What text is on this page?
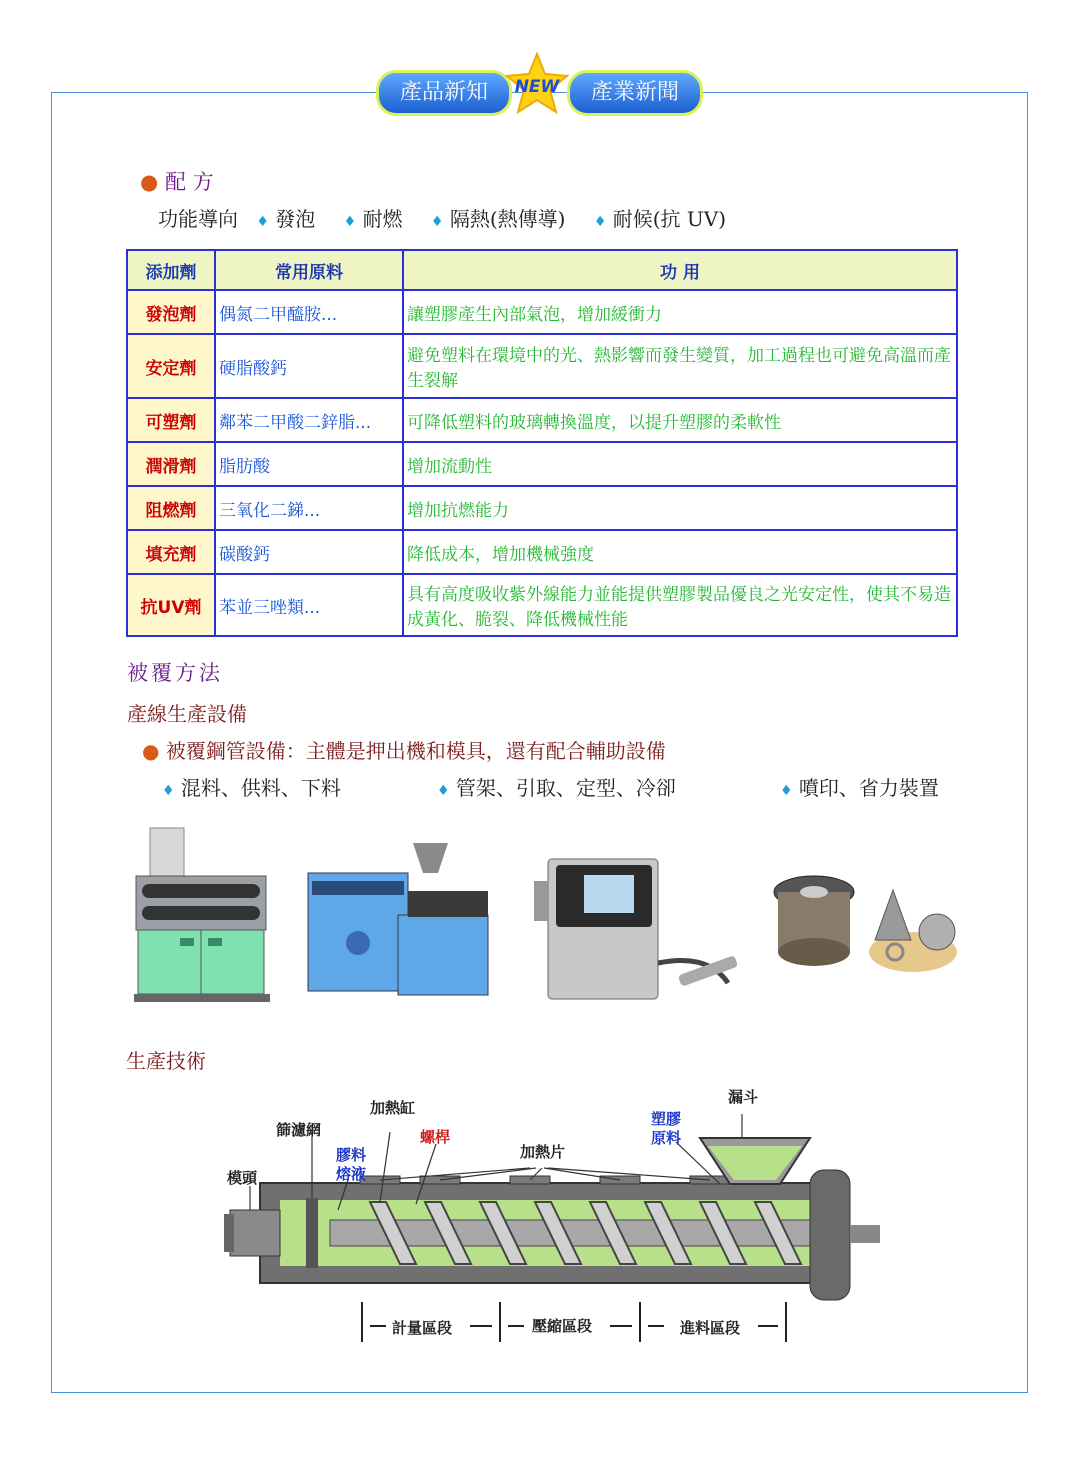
產品新知	NEW	產業新聞
● 配 方
功能導向 ♦ 發泡 ♦ 耐燃 ♦ 隔熱(熱傳導) ♦ 耐候(抗 UV)
添加劑	常用原料	功 用
發泡劑	偶氮二甲醯胺...	讓塑膠產生內部氣泡，增加緩衝力
安定劑	硬脂酸鈣	避免塑料在環境中的光、熱影響而發生變質，加工過程也可避免高溫而產生裂解
可塑劑	鄰苯二甲酸二鋅脂...	可降低塑料的玻璃轉換溫度，以提升塑膠的柔軟性
潤滑劑	脂肪酸	增加流動性
阻燃劑	三氧化二銻...	增加抗燃能力
填充劑	碳酸鈣	降低成本，增加機械強度
抗UV劑	苯並三唑類...	具有高度吸收紫外線能力並能提供塑膠製品優良之光安定性，使其不易造成黃化、脆裂、降低機械性能
被覆方法
產線生產設備
● 被覆鋼管設備：主體是押出機和模具，還有配合輔助設備
♦ 混料、供料、下料	♦ 管架、引取、定型、冷卻	♦ 噴印、省力裝置
生產技術
漏斗
加熱缸
篩濾網	螺桿
膠料
熔液
加熱片
模頭
塑膠
原料
計量區段	壓縮區段	進料區段
